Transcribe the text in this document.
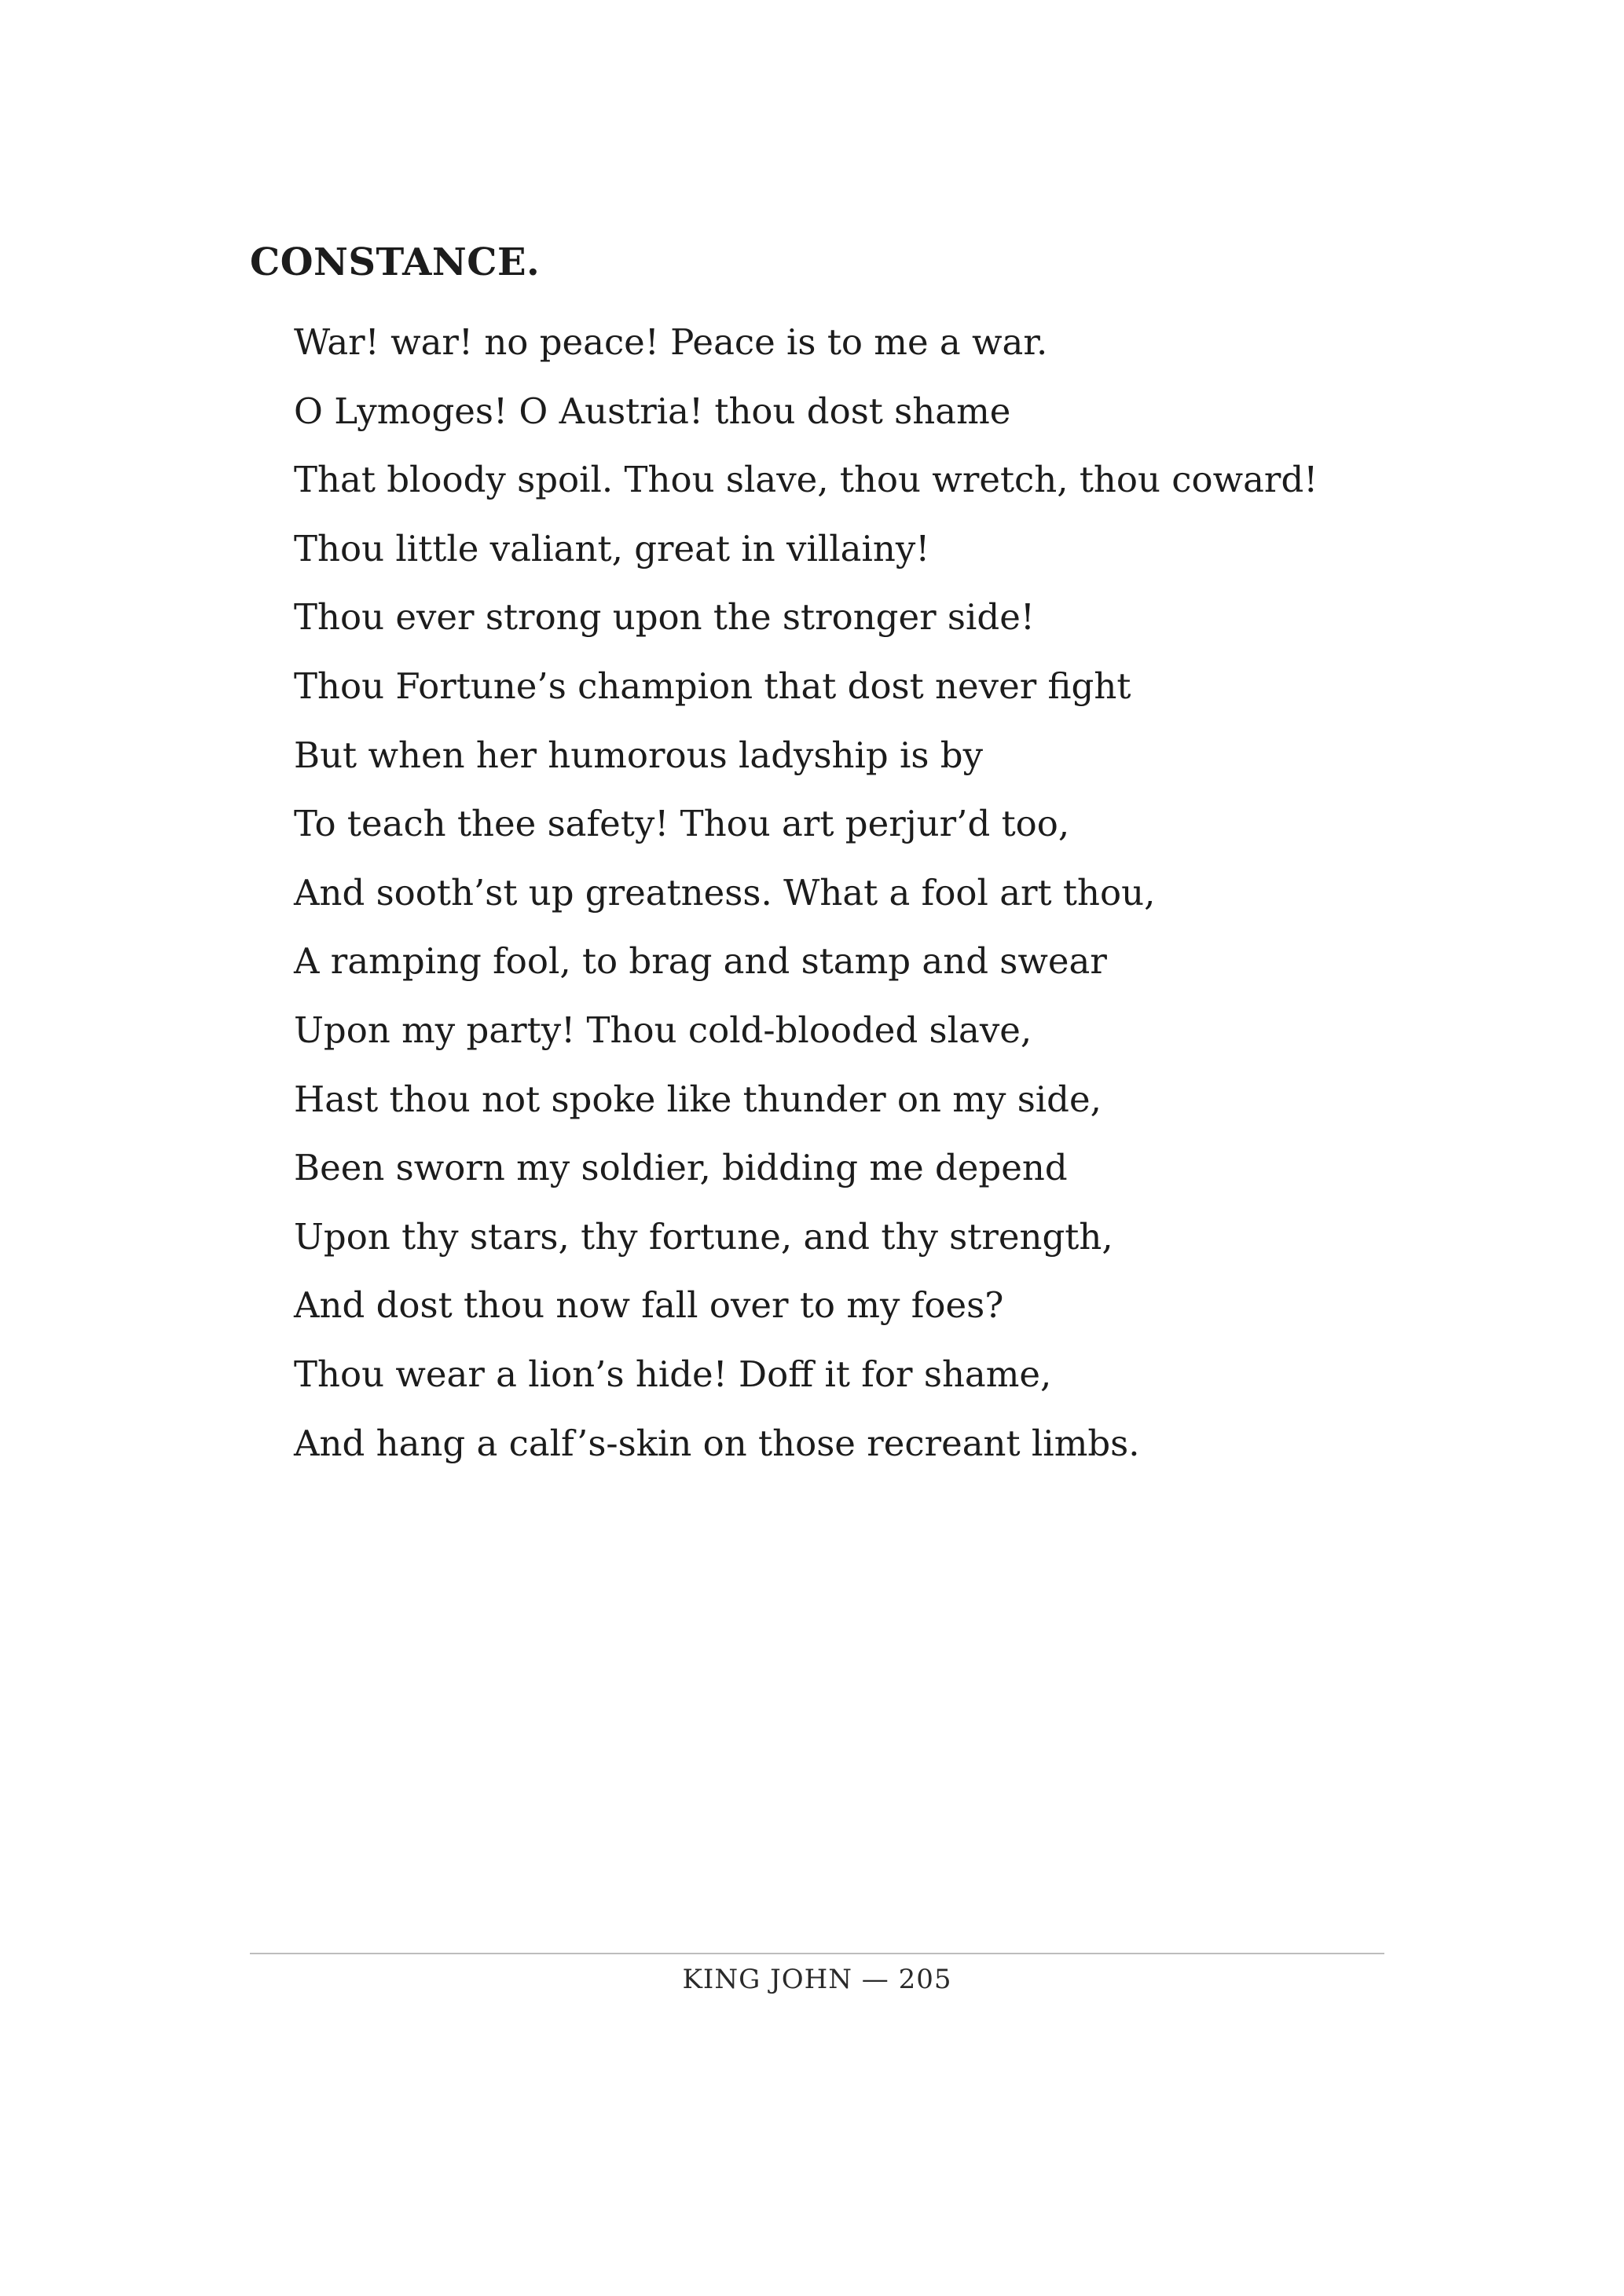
CONSTANCE.
War! war! no peace! Peace is to me a war.
O Lymoges! O Austria! thou dost shame
That bloody spoil. Thou slave, thou wretch, thou coward!
Thou little valiant, great in villainy!
Thou ever strong upon the stronger side!
Thou Fortune’s champion that dost never fight
But when her humorous ladyship is by
To teach thee safety! Thou art perjur’d too,
And sooth’st up greatness. What a fool art thou,
A ramping fool, to brag and stamp and swear
Upon my party! Thou cold-blooded slave,
Hast thou not spoke like thunder on my side,
Been sworn my soldier, bidding me depend
Upon thy stars, thy fortune, and thy strength,
And dost thou now fall over to my foes?
Thou wear a lion’s hide! Doff it for shame,
And hang a calf’s-skin on those recreant limbs.
KING JOHN — 205
